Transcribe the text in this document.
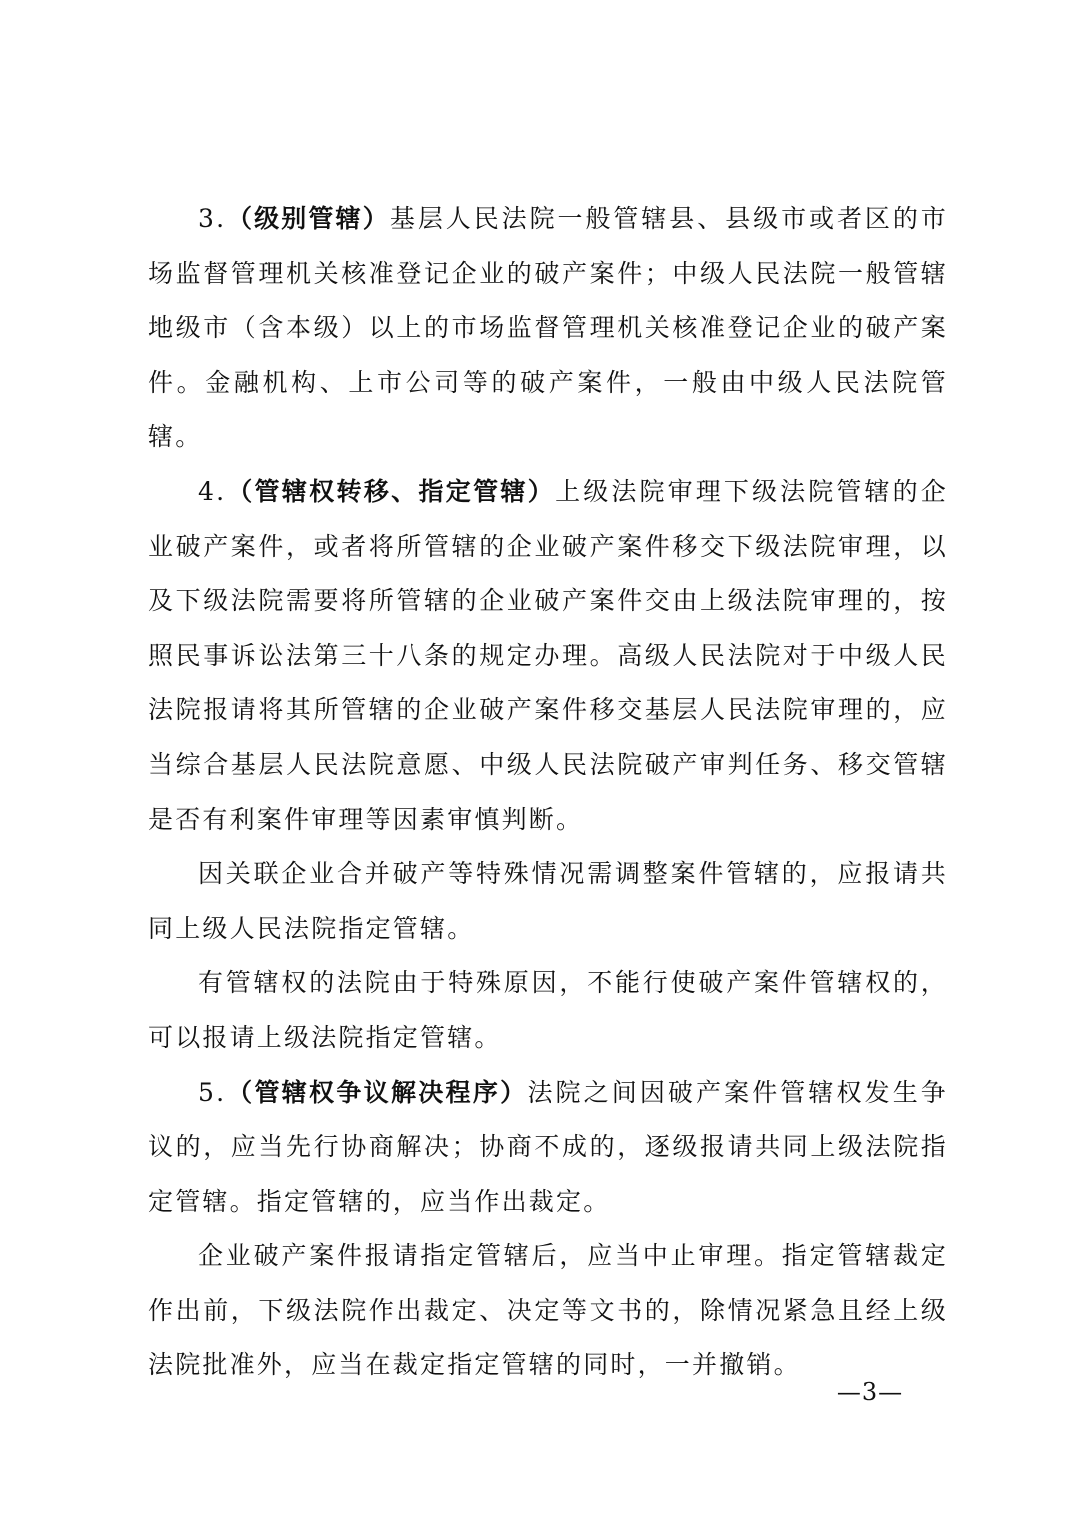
3.（级别管辖）基层人民法院一般管辖县、县级市或者区的市场监督管理机关核准登记企业的破产案件；中级人民法院一般管辖地级市（含本级）以上的市场监督管理机关核准登记企业的破产案件。金融机构、上市公司等的破产案件，一般由中级人民法院管辖。

4.（管辖权转移、指定管辖）上级法院审理下级法院管辖的企业破产案件，或者将所管辖的企业破产案件移交下级法院审理，以及下级法院需要将所管辖的企业破产案件交由上级法院审理的，按照民事诉讼法第三十八条的规定办理。高级人民法院对于中级人民法院报请将其所管辖的企业破产案件移交基层人民法院审理的，应当综合基层人民法院意愿、中级人民法院破产审判任务、移交管辖是否有利案件审理等因素审慎判断。

因关联企业合并破产等特殊情况需调整案件管辖的，应报请共同上级人民法院指定管辖。

有管辖权的法院由于特殊原因，不能行使破产案件管辖权的，可以报请上级法院指定管辖。

5.（管辖权争议解决程序）法院之间因破产案件管辖权发生争议的，应当先行协商解决；协商不成的，逐级报请共同上级法院指定管辖。指定管辖的，应当作出裁定。

企业破产案件报请指定管辖后，应当中止审理。指定管辖裁定作出前，下级法院作出裁定、决定等文书的，除情况紧急且经上级法院批准外，应当在裁定指定管辖的同时，一并撤销。

—3—
